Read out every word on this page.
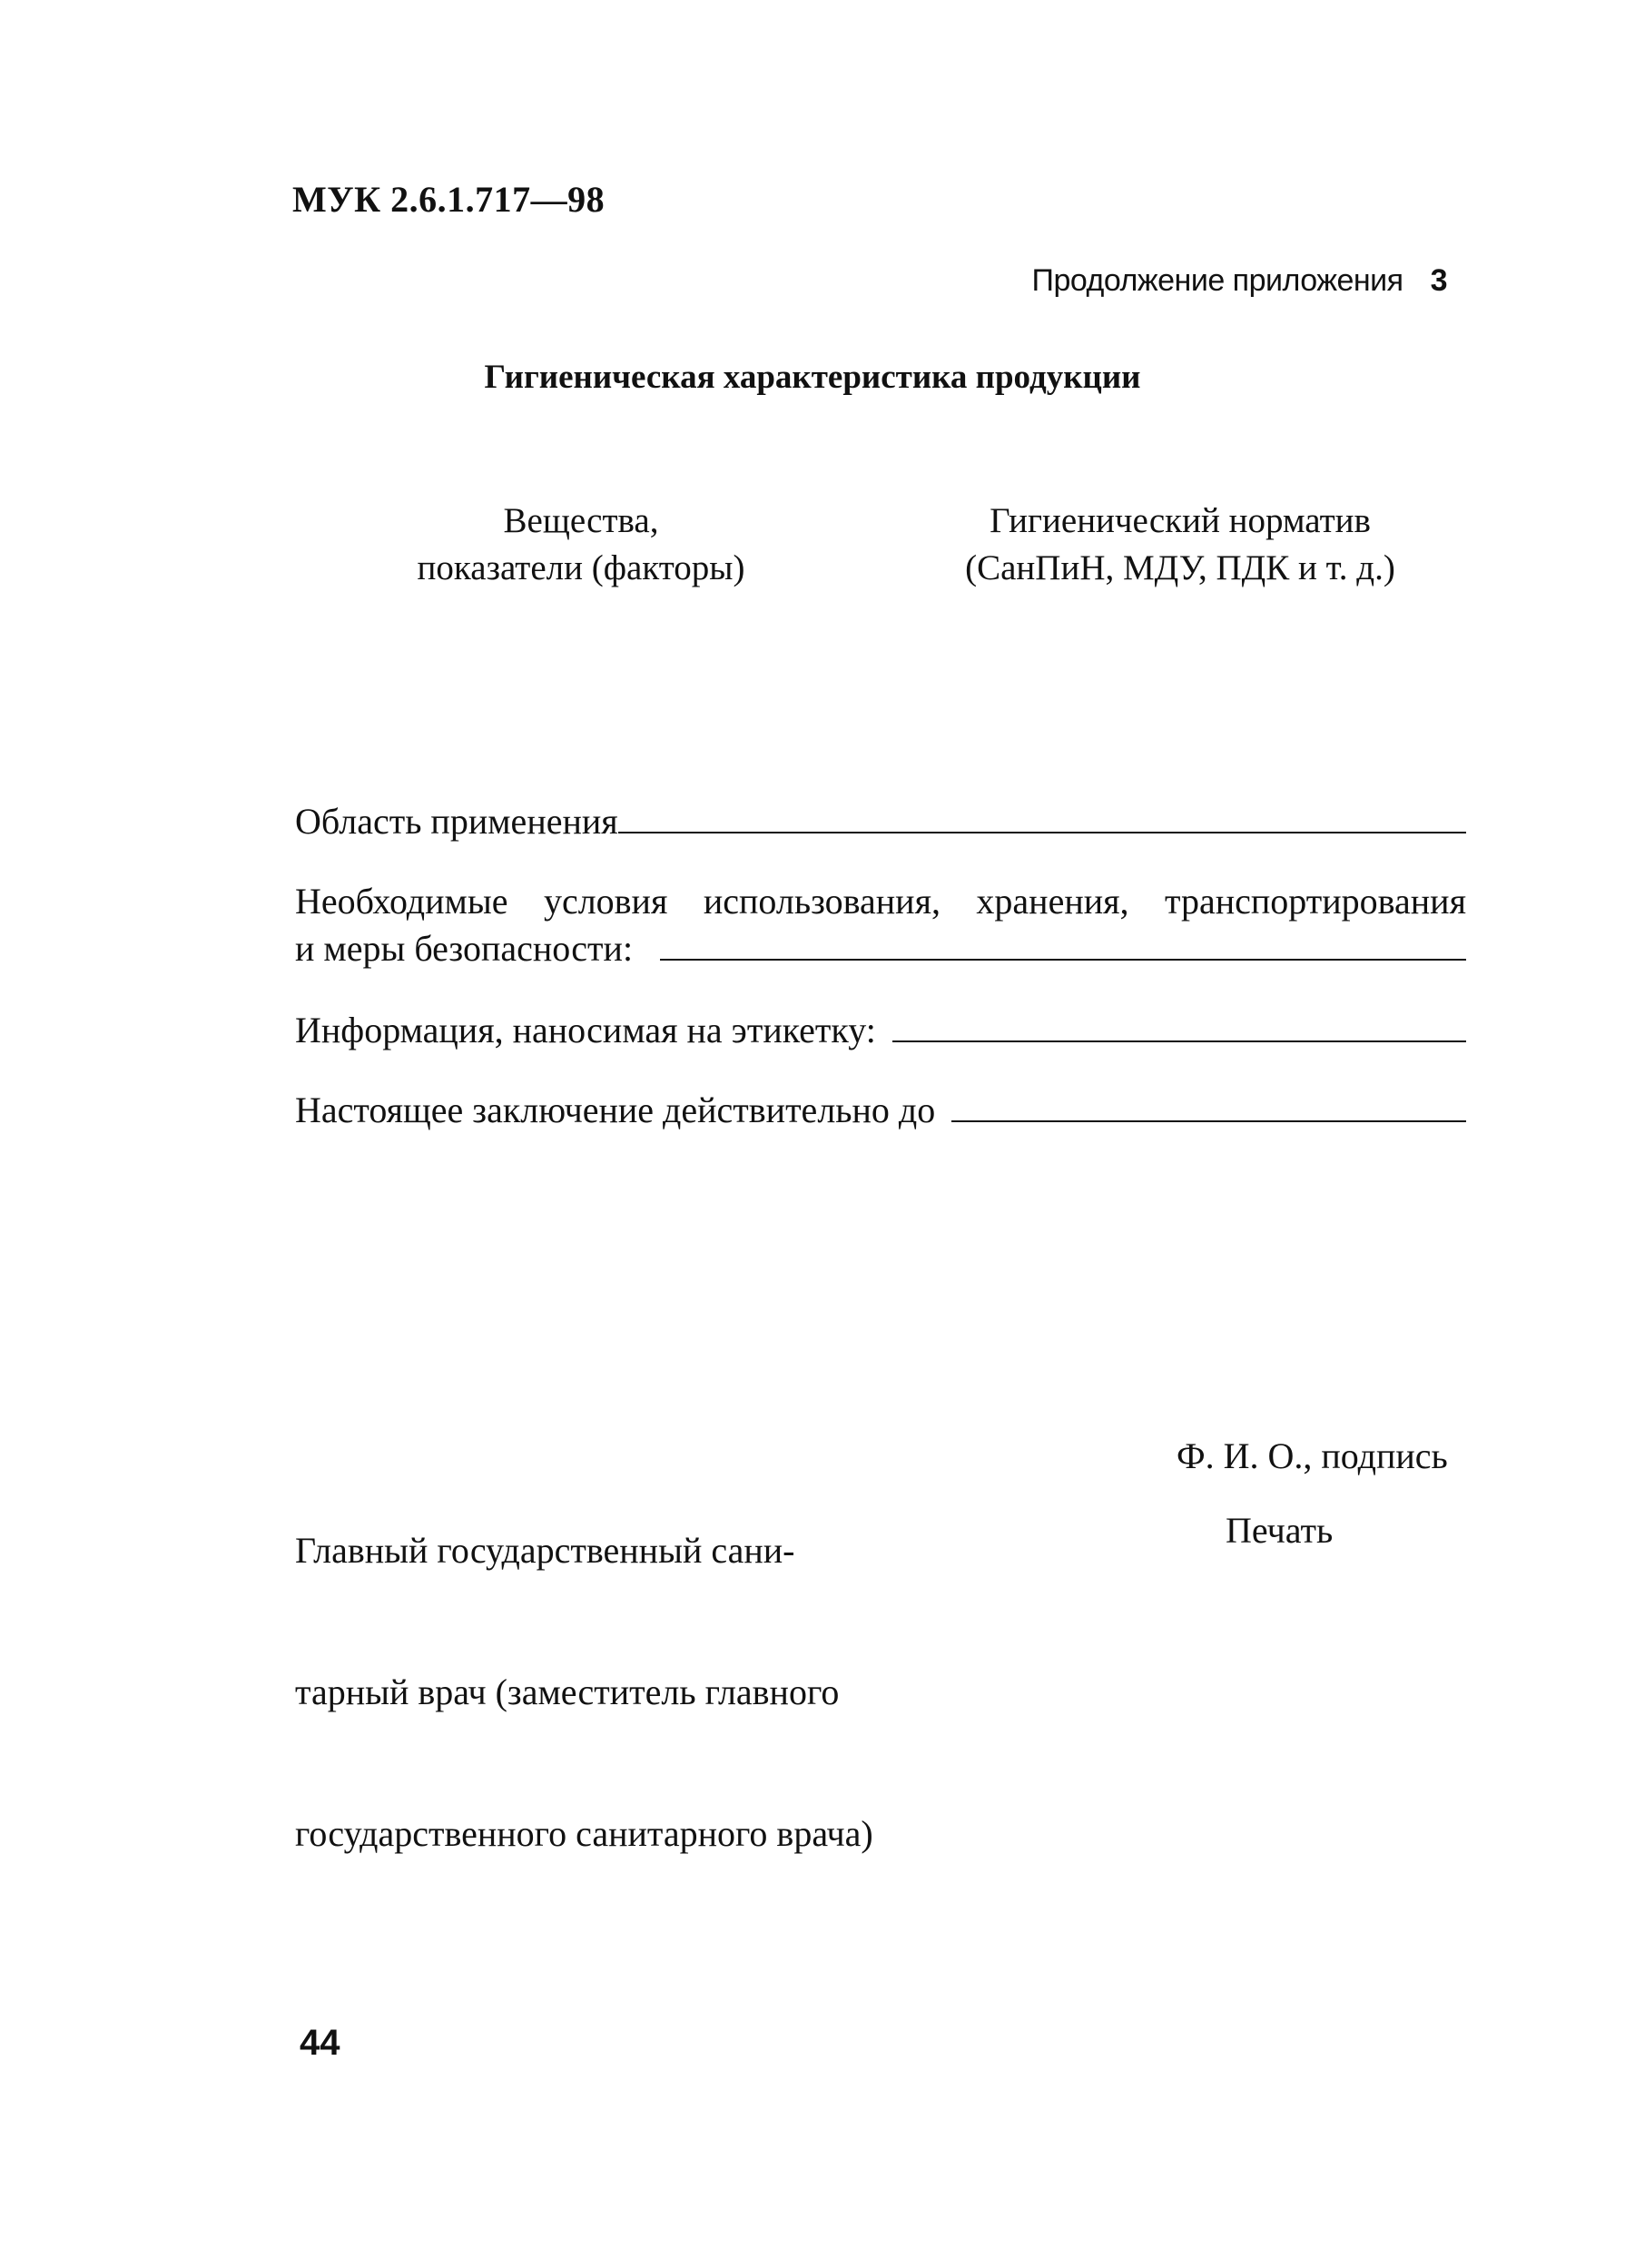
МУК 2.6.1.717—98
Продолжение приложения 3
Гигиеническая характеристика продукции
Вещества,
показатели (факторы)
Гигиенический норматив
(СанПиН, МДУ, ПДК и т. д.)
Область применения
Необходимые условия использования, хранения, транспортирования
и меры безопасности:
Информация, наносимая на этикетку:
Настоящее заключение действительно до

Главный государственный сани-

тарный врач (заместитель главного

государственного санитарного врача)

Ф. И. О., подпись
Печать
44
